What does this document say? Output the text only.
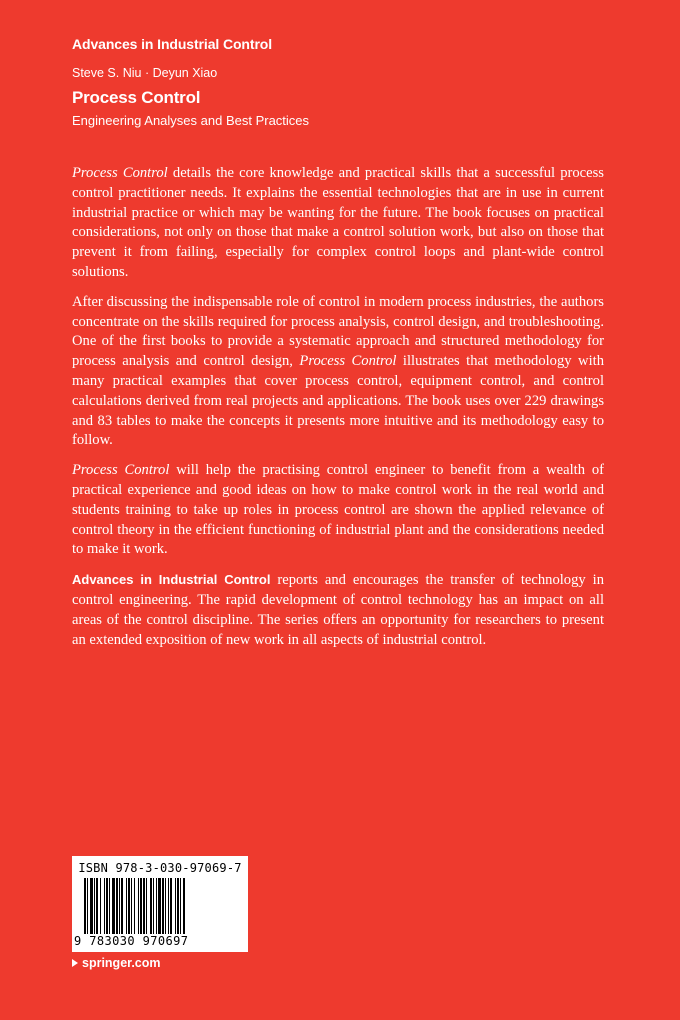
Advances in Industrial Control
Steve S. Niu · Deyun Xiao
Process Control
Engineering Analyses and Best Practices

Process Control details the core knowledge and practical skills that a successful process control practitioner needs. It explains the essential technologies that are in use in current industrial practice or which may be wanting for the future. The book focuses on practical considerations, not only on those that make a control solution work, but also on those that prevent it from failing, especially for complex control loops and plant-wide control solutions.

After discussing the indispensable role of control in modern process industries, the authors concentrate on the skills required for process analysis, control design, and troubleshooting. One of the first books to provide a systematic approach and structured methodology for process analysis and control design, Process Control illustrates that methodology with many practical examples that cover process control, equipment control, and control calculations derived from real projects and applications. The book uses over 229 drawings and 83 tables to make the concepts it presents more intuitive and its methodology easy to follow.

Process Control will help the practising control engineer to benefit from a wealth of practical experience and good ideas on how to make control work in the real world and students training to take up roles in process control are shown the applied relevance of control theory in the efficient functioning of industrial plant and the considerations needed to make it work.

Advances in Industrial Control reports and encourages the transfer of technology in control engineering. The rapid development of control technology has an impact on all areas of the control discipline. The series offers an opportunity for researchers to present an extended exposition of new work in all aspects of industrial control.

ISBN 978-3-030-97069-7
9 783030 970697
springer.com
